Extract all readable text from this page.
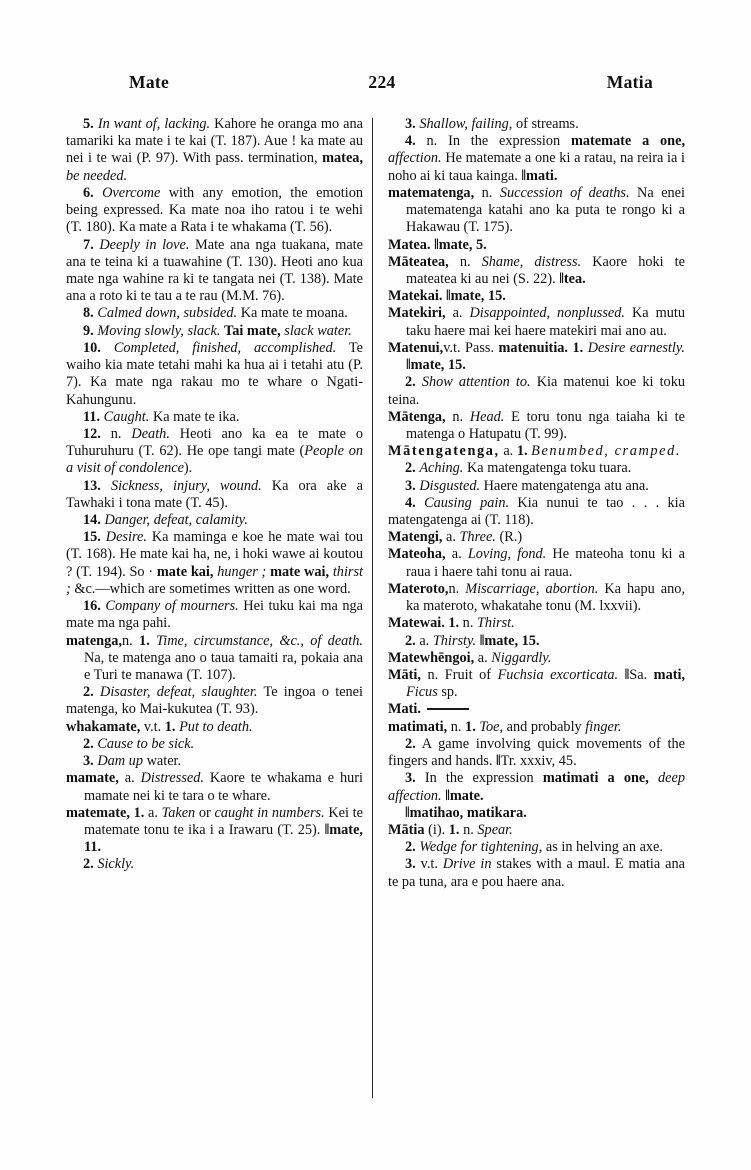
Mate	224	Matia

5. In want of, lacking. Kahore he oranga mo ana tamariki ka mate i te kai (T. 187). Aue ! ka mate au nei i te wai (P. 97). With pass. termination, matea, be needed.

6. Overcome with any emotion, the emotion being expressed. Ka mate noa iho ratou i te wehi (T. 180). Ka mate a Rata i te whakama (T. 56).

7. Deeply in love. Mate ana nga tuakana, mate ana te teina ki a tuawahine (T. 130). Heoti ano kua mate nga wahine ra ki te tangata nei (T. 138). Mate ana a roto ki te tau a te rau (M.M. 76).

8. Calmed down, subsided. Ka mate te moana.

9. Moving slowly, slack. Tai mate, slack water.

10. Completed, finished, accomplished. Te waiho kia mate tetahi mahi ka hua ai i tetahi atu (P. 7). Ka mate nga rakau mo te whare o Ngati-Kahungunu.

11. Caught. Ka mate te ika.

12. n. Death. Heoti ano ka ea te mate o Tuhuruhuru (T. 62). He ope tangi mate (People on a visit of condolence).

13. Sickness, injury, wound. Ka ora ake a Tawhaki i tona mate (T. 45).

14. Danger, defeat, calamity.

15. Desire. Ka maminga e koe he mate wai tou (T. 168). He mate kai ha, ne, i hoki wawe ai koutou ? (T. 194). So · mate kai, hunger ; mate wai, thirst ; &c.—which are sometimes written as one word.

16. Company of mourners. Hei tuku kai ma nga mate ma nga pahi.

matenga,n. 1. Time, circumstance, &c., of death. Na, te matenga ano o taua tamaiti ra, pokaia ana e Turi te manawa (T. 107).

2. Disaster, defeat, slaughter. Te ingoa o tenei matenga, ko Mai-kukutea (T. 93).

whakamate, v.t. 1. Put to death.

2. Cause to be sick.

3. Dam up water.

mamate, a. Distressed. Kaore te whakama e huri mamate nei ki te tara o te whare.

matemate, 1. a. Taken or caught in numbers. Kei te matemate tonu te ika i a Irawaru (T. 25). ‖mate, 11.

2. Sickly.

3. Shallow, failing, of streams.

4. n. In the expression matemate a one, affection. He matemate a one ki a ratau, na reira ia i noho ai ki taua kainga. ‖mati.

matematenga, n. Succession of deaths. Na enei matematenga katahi ano ka puta te rongo ki a Hakawau (T. 175).

Matea. ‖mate, 5.

Māteatea, n. Shame, distress. Kaore hoki te mateatea ki au nei (S. 22). ‖tea.

Matekai. ‖mate, 15.

Matekiri, a. Disappointed, nonplussed. Ka mutu taku haere mai kei haere matekiri mai ano au.

Matenui,v.t. Pass. matenuitia. 1. Desire earnestly. ‖mate, 15.

2. Show attention to. Kia matenui koe ki toku teina.

Mātenga, n. Head. E toru tonu nga taiaha ki te matenga o Hatupatu (T. 99).

Mātengatenga, a. 1. Benumbed, cramped.

2. Aching. Ka matengatenga toku tuara.

3. Disgusted. Haere matengatenga atu ana.

4. Causing pain. Kia nunui te tao . . . kia matengatenga ai (T. 118).

Matengi, a. Three. (R.)

Mateoha, a. Loving, fond. He mateoha tonu ki a raua i haere tahi tonu ai raua.

Materoto,n. Miscarriage, abortion. Ka hapu ano, ka materoto, whakatahe tonu (M. lxxvii).

Matewai. 1. n. Thirst.

2. a. Thirsty. ‖mate, 15.

Matewhēngoi, a. Niggardly.

Māti, n. Fruit of Fuchsia excorticata. ‖Sa. mati, Ficus sp.

Mati.

matimati, n. 1. Toe, and probably finger.

2. A game involving quick movements of the fingers and hands. ‖Tr. xxxiv, 45.

3. In the expression matimati a one, deep affection. ‖mate.

‖matihao, matikara.

Mātia (i). 1. n. Spear.

2. Wedge for tightening, as in helving an axe.

3. v.t. Drive in stakes with a maul. E matia ana te pa tuna, ara e pou haere ana.
